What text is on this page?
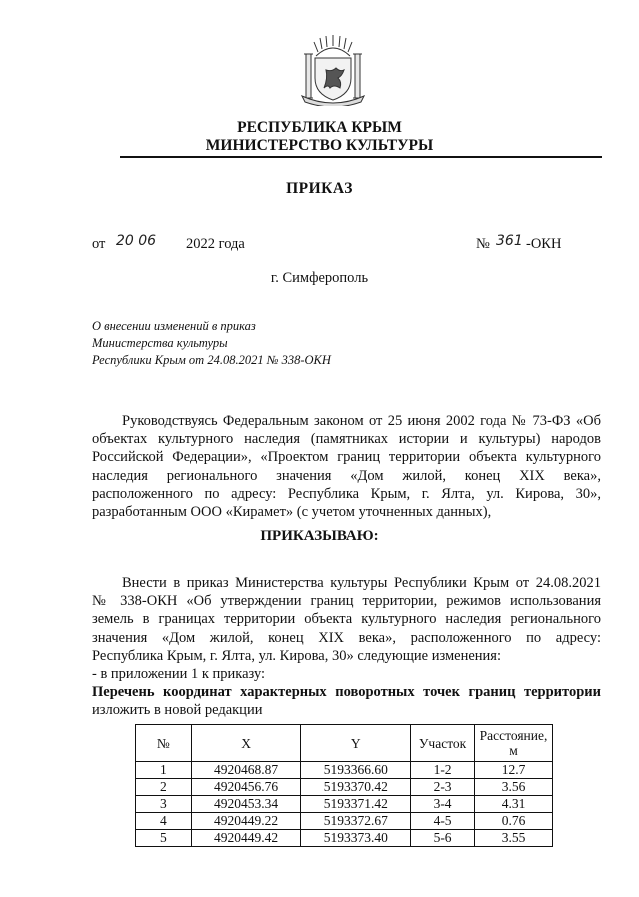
РЕСПУБЛИКА КРЫМ
МИНИСТЕРСТВО КУЛЬТУРЫ
ПРИКАЗ
от 20 06 2022 года	№ 361 -ОКН
г. Симферополь
О внесении изменений в приказ
Министерства культуры
Республики Крым от 24.08.2021 № 338-ОКН
Руководствуясь Федеральным законом от 25 июня 2002 года № 73-ФЗ «Об
объектах культурного наследия (памятниках истории и культуры) народов
Российской Федерации», «Проектом границ территории объекта культурного
наследия регионального значения «Дом жилой, конец XIX века»,
расположенного по адресу: Республика Крым, г. Ялта, ул. Кирова, 30»,
разработанным ООО «Кирамет» (с учетом уточненных данных),
ПРИКАЗЫВАЮ:
Внести в приказ Министерства культуры Республики Крым от 24.08.2021
№ 338-ОКН «Об утверждении границ территории, режимов использования
земель в границах территории объекта культурного наследия регионального
значения «Дом жилой, конец XIX века», расположенного по адресу:
Республика Крым, г. Ялта, ул. Кирова, 30» следующие изменения:
- в приложении 1 к приказу:
Перечень координат характерных поворотных точек границ территории
изложить в новой редакции
№	X	Y	Участок	Расстояние,
м

1	4920468.87	5193366.60	1-2	12.7
2	4920456.76	5193370.42	2-3	3.56
3	4920453.34	5193371.42	3-4	4.31
4	4920449.22	5193372.67	4-5	0.76
5	4920449.42	5193373.40	5-6	3.55
